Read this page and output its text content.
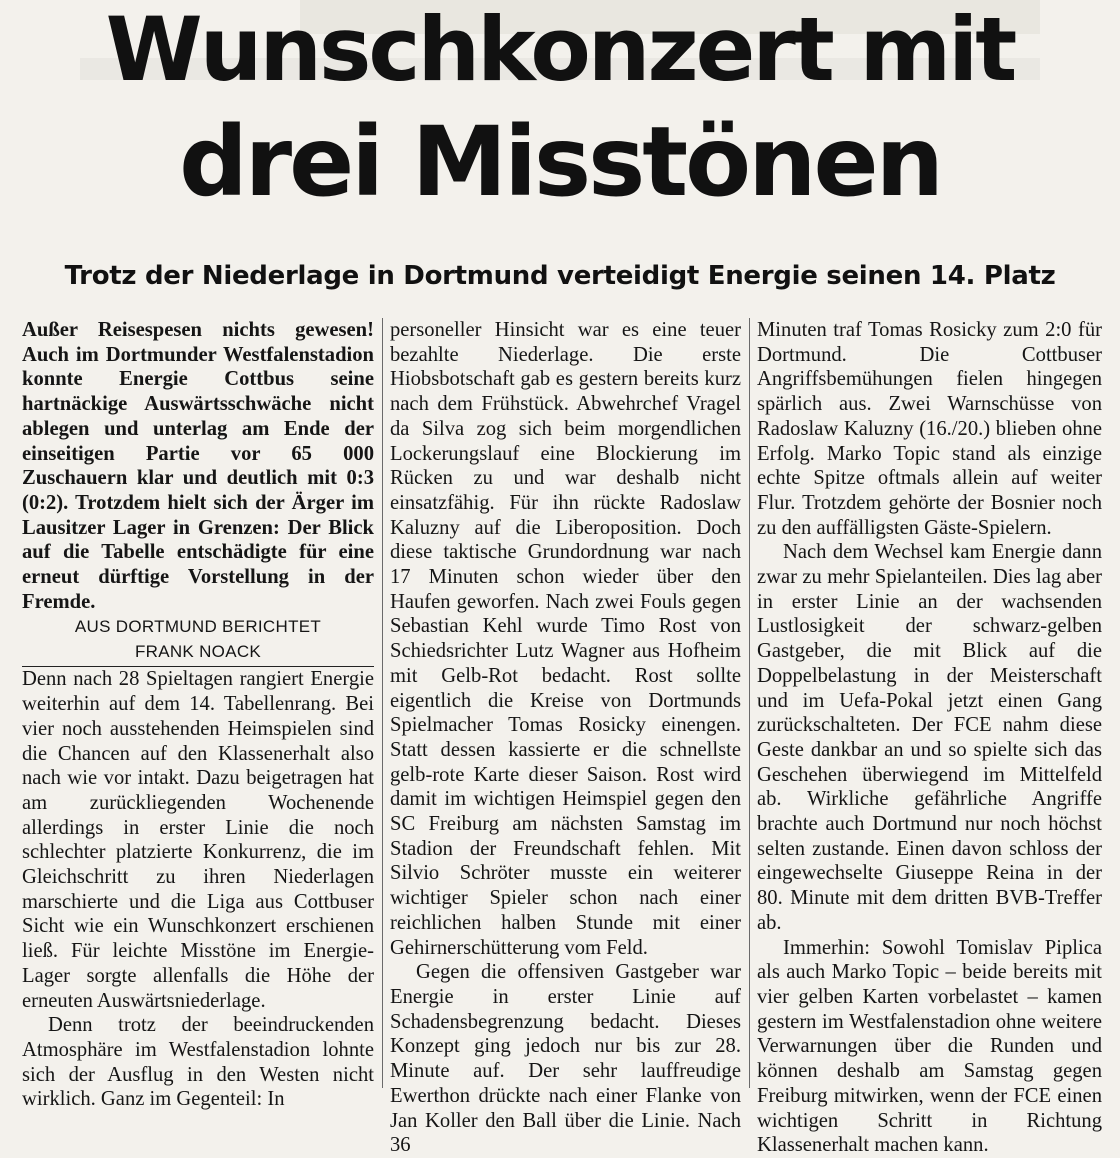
Wunschkonzert mit
drei Misstönen
Trotz der Niederlage in Dortmund verteidigt Energie seinen 14. Platz

Außer Reisespesen nichts gewesen! Auch im Dortmunder Westfalenstadion konnte Energie Cottbus seine hartnäckige Auswärtsschwäche nicht ablegen und unterlag am Ende der einseitigen Partie vor 65 000 Zuschauern klar und deutlich mit 0:3 (0:2). Trotzdem hielt sich der Ärger im Lausitzer Lager in Grenzen: Der Blick auf die Tabelle entschädigte für eine erneut dürftige Vorstellung in der Fremde.

AUS DORTMUND BERICHTET

FRANK NOACK

Denn nach 28 Spieltagen rangiert Energie weiterhin auf dem 14. Tabellenrang. Bei vier noch ausstehenden Heimspielen sind die Chancen auf den Klassenerhalt also nach wie vor intakt. Dazu beigetragen hat am zurückliegenden Wochenende allerdings in erster Linie die noch schlechter platzierte Konkurrenz, die im Gleichschritt zu ihren Niederlagen marschierte und die Liga aus Cottbuser Sicht wie ein Wunschkonzert erschienen ließ. Für leichte Misstöne im Energie-Lager sorgte allenfalls die Höhe der erneuten Auswärtsniederlage.

Denn trotz der beeindruckenden Atmosphäre im Westfalenstadion lohnte sich der Ausflug in den Westen nicht wirklich. Ganz im Gegenteil: In

personeller Hinsicht war es eine teuer bezahlte Niederlage. Die erste Hiobsbotschaft gab es gestern bereits kurz nach dem Frühstück. Abwehrchef Vragel da Silva zog sich beim morgendlichen Lockerungslauf eine Blockierung im Rücken zu und war deshalb nicht einsatzfähig. Für ihn rückte Radoslaw Kaluzny auf die Liberoposition. Doch diese taktische Grundordnung war nach 17 Minuten schon wieder über den Haufen geworfen. Nach zwei Fouls gegen Sebastian Kehl wurde Timo Rost von Schiedsrichter Lutz Wagner aus Hofheim mit Gelb-Rot bedacht. Rost sollte eigentlich die Kreise von Dortmunds Spielmacher Tomas Rosicky einengen. Statt dessen kassierte er die schnellste gelb-rote Karte dieser Saison. Rost wird damit im wichtigen Heimspiel gegen den SC Freiburg am nächsten Samstag im Stadion der Freundschaft fehlen. Mit Silvio Schröter musste ein weiterer wichtiger Spieler schon nach einer reichlichen halben Stunde mit einer Gehirnerschütterung vom Feld.

Gegen die offensiven Gastgeber war Energie in erster Linie auf Schadensbegrenzung bedacht. Dieses Konzept ging jedoch nur bis zur 28. Minute auf. Der sehr lauffreudige Ewerthon drückte nach einer Flanke von Jan Koller den Ball über die Linie. Nach 36

Minuten traf Tomas Rosicky zum 2:0 für Dortmund. Die Cottbuser Angriffsbemühungen fielen hingegen spärlich aus. Zwei Warnschüsse von Radoslaw Kaluzny (16./20.) blieben ohne Erfolg. Marko Topic stand als einzige echte Spitze oftmals allein auf weiter Flur. Trotzdem gehörte der Bosnier noch zu den auffälligsten Gäste-Spielern.

Nach dem Wechsel kam Energie dann zwar zu mehr Spielanteilen. Dies lag aber in erster Linie an der wachsenden Lustlosigkeit der schwarz-gelben Gastgeber, die mit Blick auf die Doppelbelastung in der Meisterschaft und im Uefa-Pokal jetzt einen Gang zurückschalteten. Der FCE nahm diese Geste dankbar an und so spielte sich das Geschehen überwiegend im Mittelfeld ab. Wirkliche gefährliche Angriffe brachte auch Dortmund nur noch höchst selten zustande. Einen davon schloss der eingewechselte Giuseppe Reina in der 80. Minute mit dem dritten BVB-Treffer ab.

Immerhin: Sowohl Tomislav Piplica als auch Marko Topic – beide bereits mit vier gelben Karten vorbelastet – kamen gestern im Westfalenstadion ohne weitere Verwarnungen über die Runden und können deshalb am Samstag gegen Freiburg mitwirken, wenn der FCE einen wichtigen Schritt in Richtung Klassenerhalt machen kann.
